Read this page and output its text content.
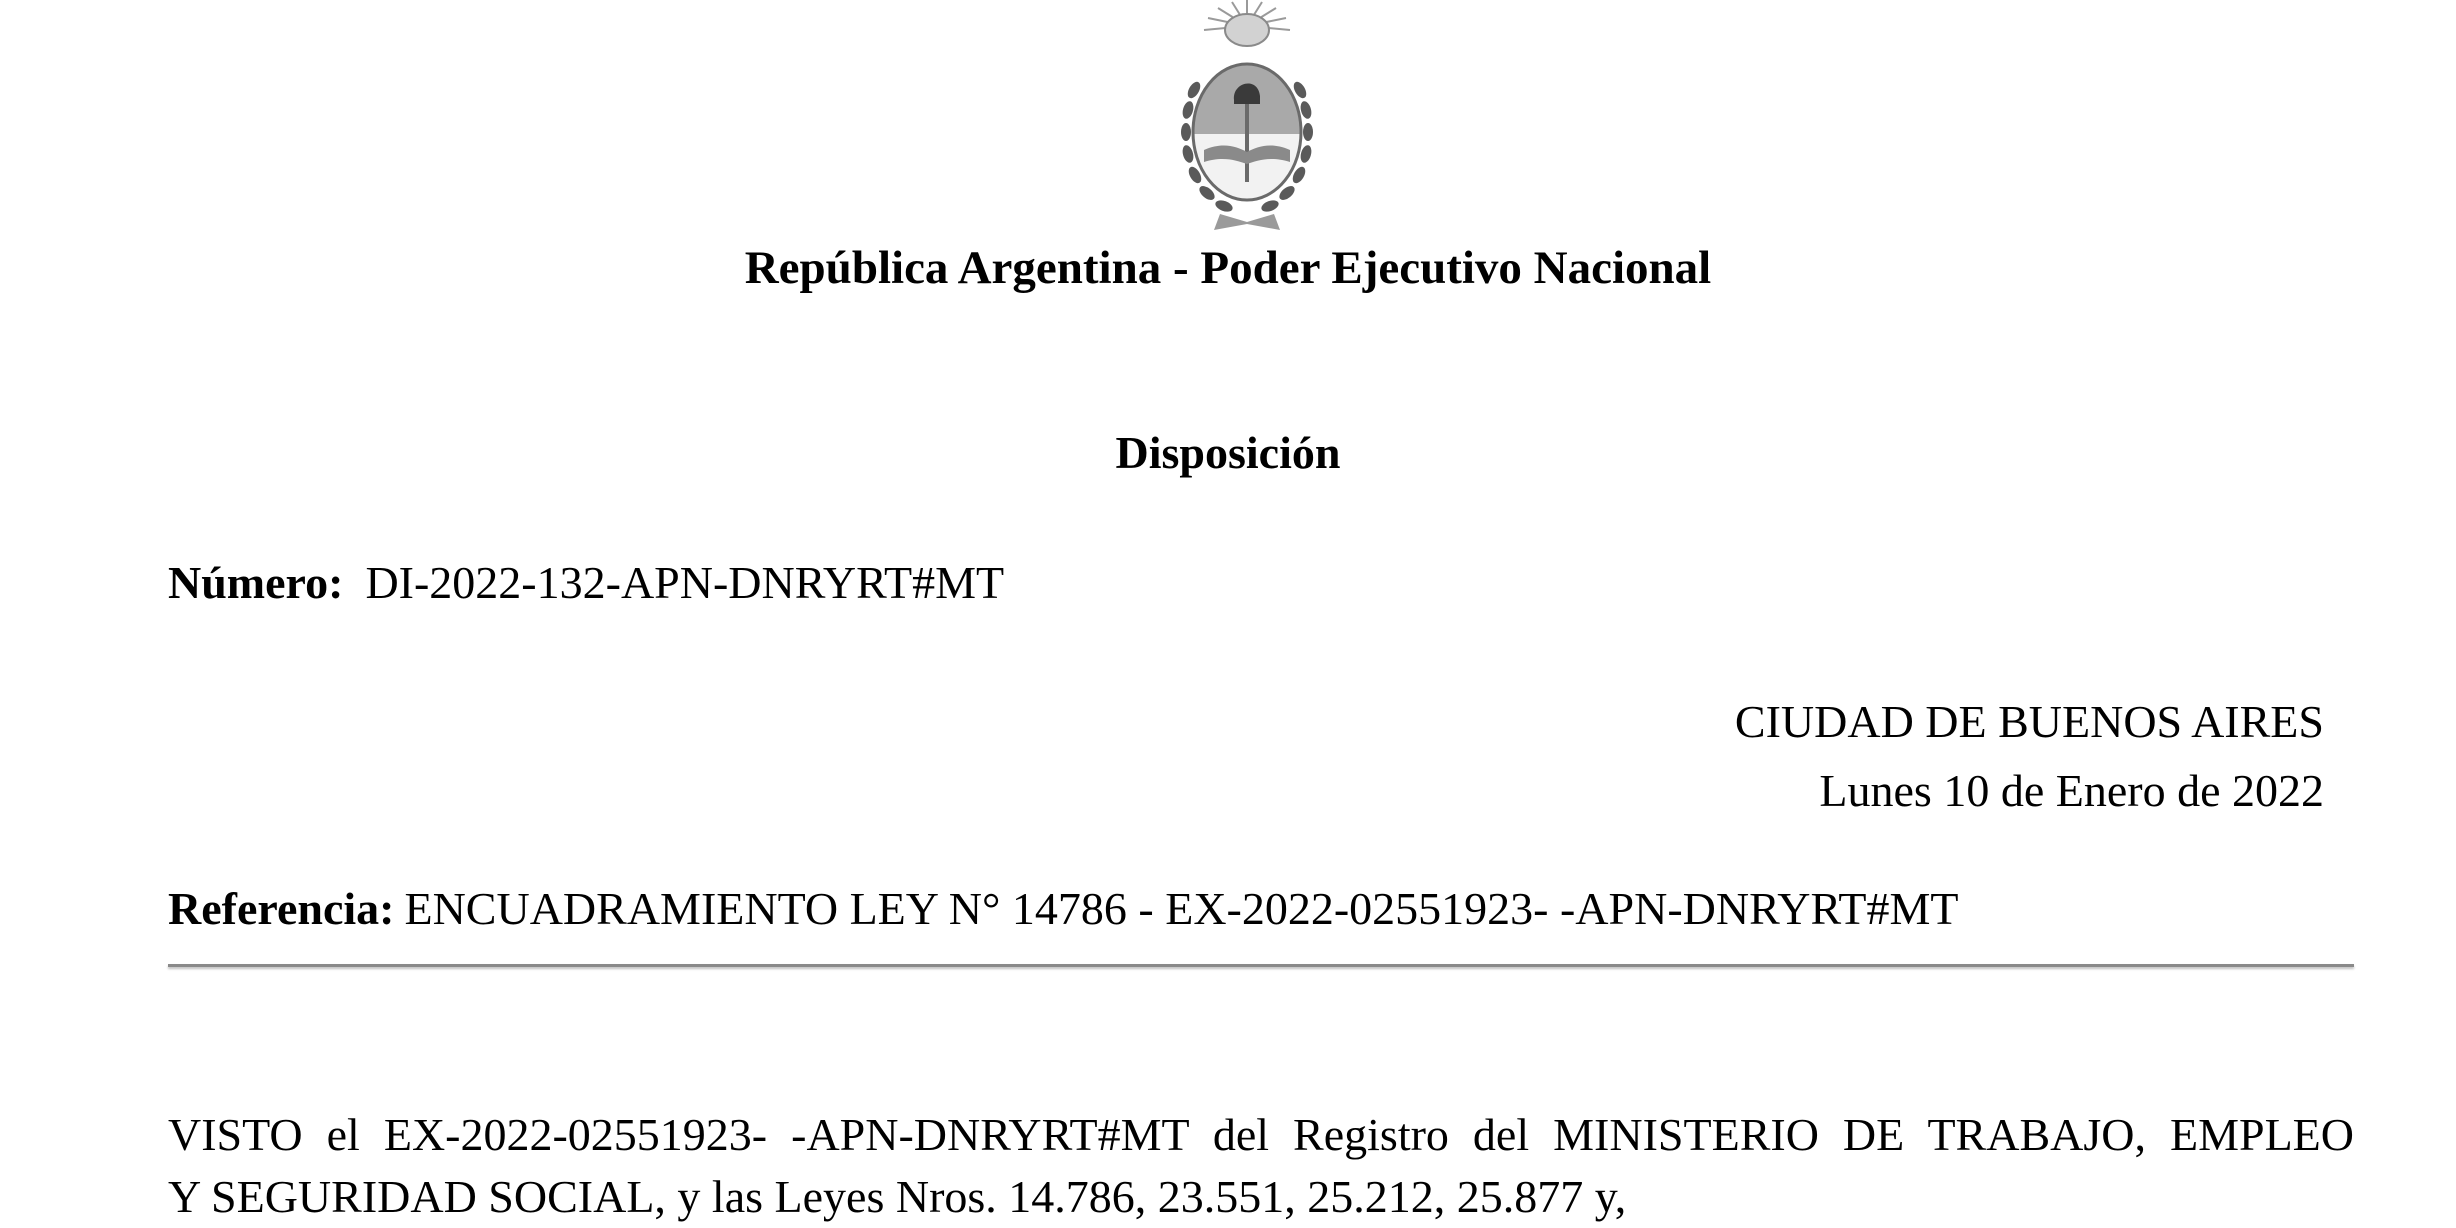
República Argentina - Poder Ejecutivo Nacional
Disposición
Número: DI-2022-132-APN-DNRYRT#MT
CIUDAD DE BUENOS AIRES
Lunes 10 de Enero de 2022
Referencia: ENCUADRAMIENTO LEY N° 14786 - EX-2022-02551923- -APN-DNRYRT#MT
VISTO el EX-2022-02551923- -APN-DNRYRT#MT del Registro del MINISTERIO DE TRABAJO, EMPLEO
Y SEGURIDAD SOCIAL, y las Leyes Nros. 14.786, 23.551, 25.212, 25.877 y,
